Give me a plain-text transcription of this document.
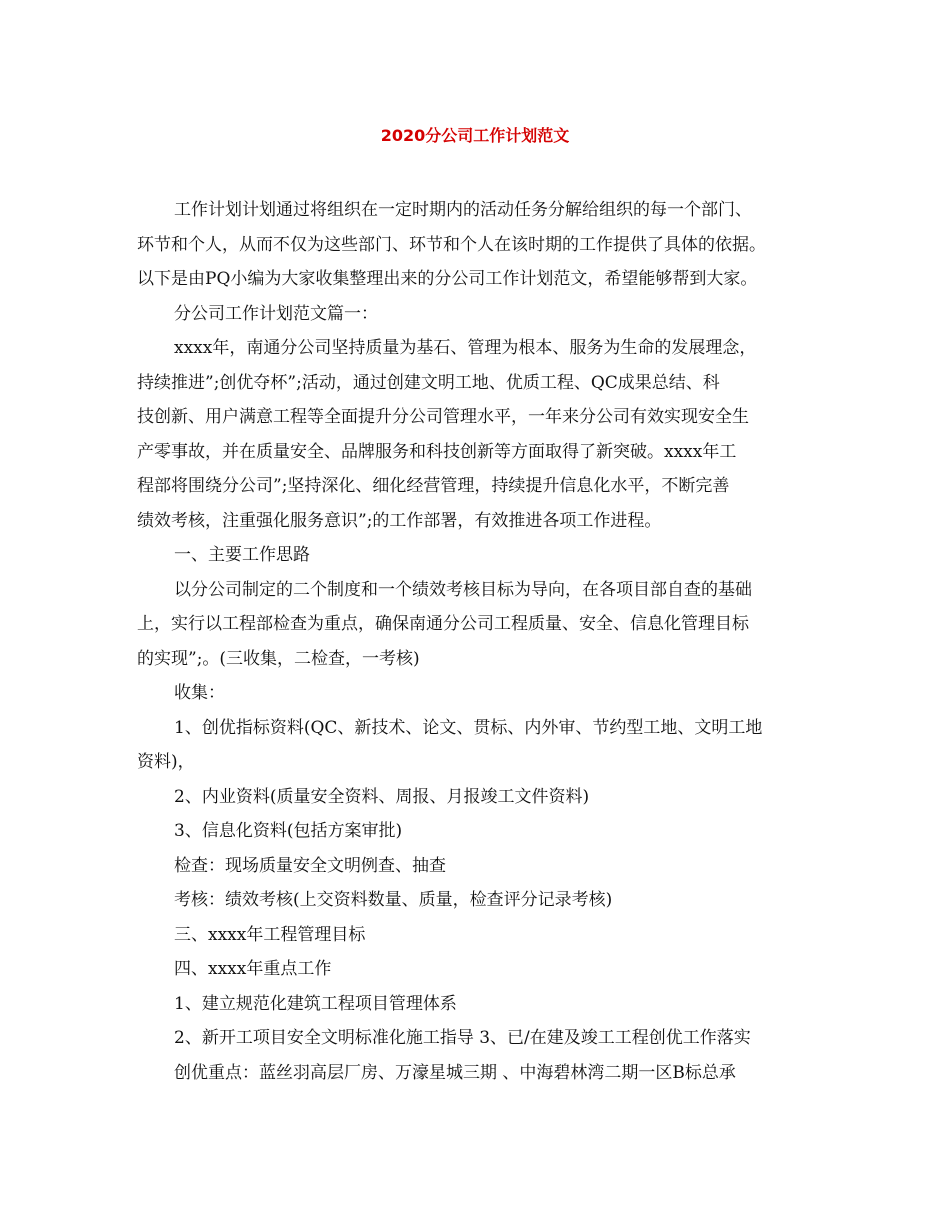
2020分公司工作计划范文
工作计划计划通过将组织在一定时期内的活动任务分解给组织的每一个部门、
环节和个人，从而不仅为这些部门、环节和个人在该时期的工作提供了具体的依据。
以下是由PQ小编为大家收集整理出来的分公司工作计划范文，希望能够帮到大家。
分公司工作计划范文篇一：
xxxx年，南通分公司坚持质量为基石、管理为根本、服务为生命的发展理念，
持续推进”;创优夺杯”;活动，通过创建文明工地、优质工程、QC成果总结、科
技创新、用户满意工程等全面提升分公司管理水平，一年来分公司有效实现安全生
产零事故，并在质量安全、品牌服务和科技创新等方面取得了新突破。xxxx年工
程部将围绕分公司”;坚持深化、细化经营管理，持续提升信息化水平，不断完善
绩效考核，注重强化服务意识”;的工作部署，有效推进各项工作进程。
一、主要工作思路
以分公司制定的二个制度和一个绩效考核目标为导向，在各项目部自查的基础
上，实行以工程部检查为重点，确保南通分公司工程质量、安全、信息化管理目标
的实现”;。(三收集，二检查，一考核)
收集：
1、创优指标资料(QC、新技术、论文、贯标、内外审、节约型工地、文明工地
资料)，
2、内业资料(质量安全资料、周报、月报竣工文件资料)
3、信息化资料(包括方案审批)
检查：现场质量安全文明例查、抽查
考核：绩效考核(上交资料数量、质量，检查评分记录考核)
三、xxxx年工程管理目标
四、xxxx年重点工作
1、建立规范化建筑工程项目管理体系
2、新开工项目安全文明标准化施工指导 3、已/在建及竣工工程创优工作落实
创优重点：蓝丝羽高层厂房、万濠星城三期 、中海碧林湾二期一区B标总承
